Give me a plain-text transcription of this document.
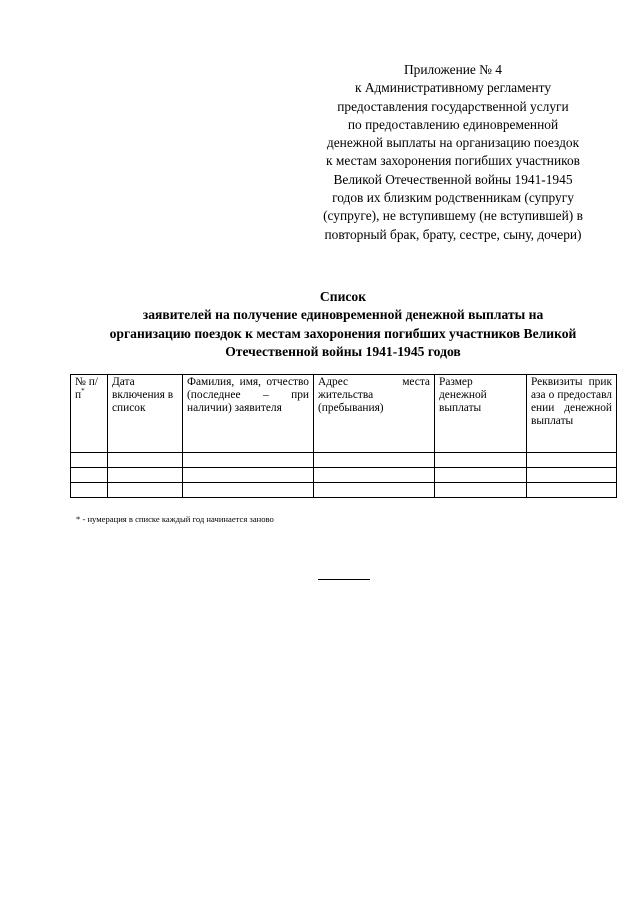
Приложение № 4
к Административному регламенту
предоставления государственной услуги
по предоставлению единовременной
денежной выплаты на организацию поездок
к местам захоронения погибших участников
Великой Отечественной войны 1941-1945
годов их близким родственникам (супругу
(супруге), не вступившему (не вступившей) в
повторный брак, брату, сестре, сыну, дочери)
Список
заявителей на получение единовременной денежной выплаты на
организацию поездок к местам захоронения погибших участников Великой
Отечественной войны 1941-1945 годов
№ п/п*	Дата включения в список	Фамилия, имя, отчество (последнее – при наличии) заявителя	Адрес места жительства (пребывания)	Размер денежной выплаты	Реквизиты приказа о предоставлении денежной выплаты

* - нумерация в списке каждый год начинается заново
